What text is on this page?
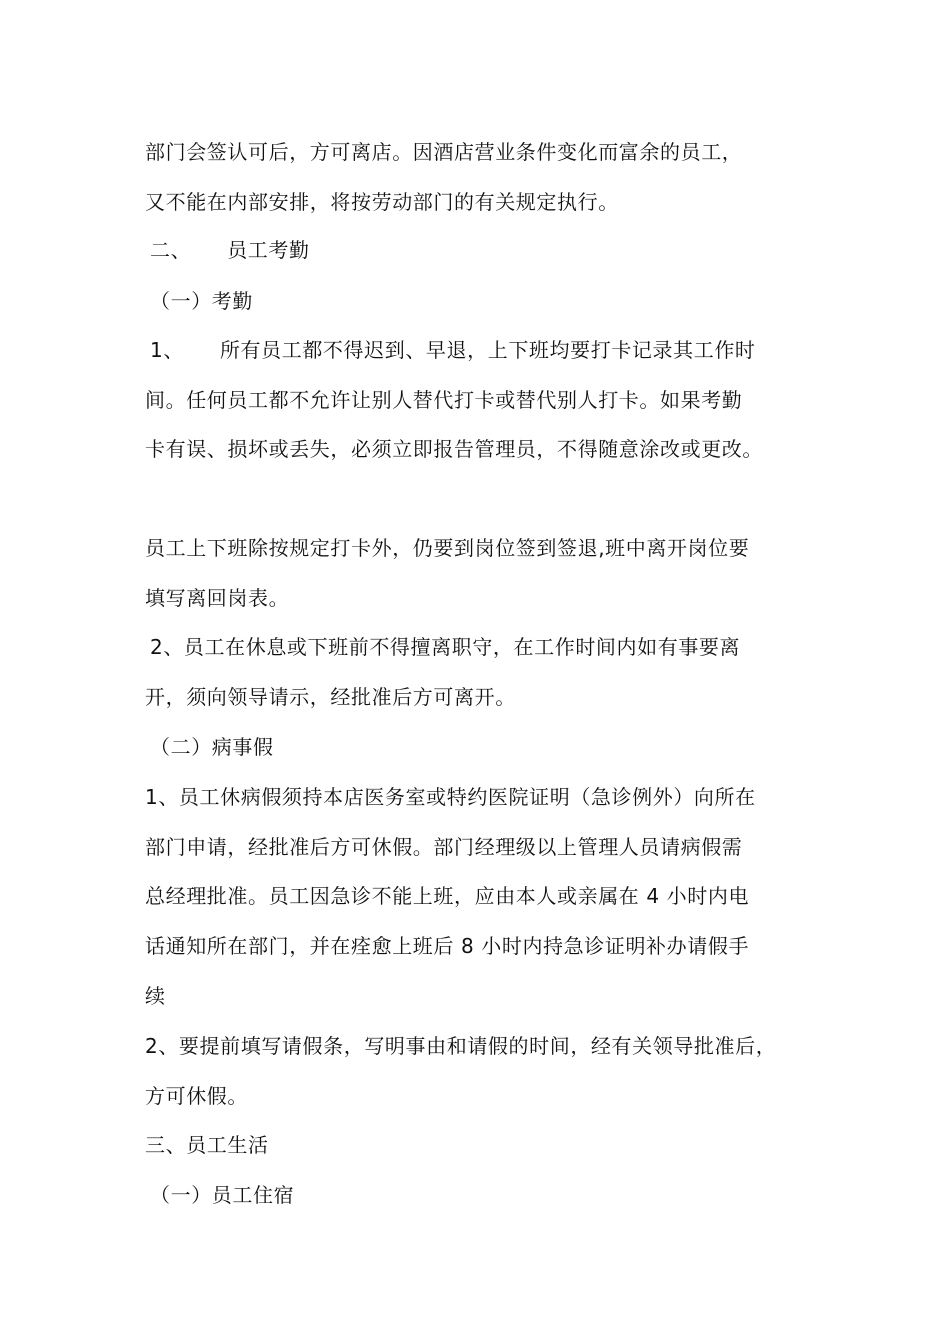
部门会签认可后，方可离店。因酒店营业条件变化而富余的员工，
又不能在内部安排，将按劳动部门的有关规定执行。
二、 员工考勤
（一）考勤
1、 所有员工都不得迟到、早退，上下班均要打卡记录其工作时
间。任何员工都不允许让别人替代打卡或替代别人打卡。如果考勤
卡有误、损坏或丢失，必须立即报告管理员，不得随意涂改或更改。
员工上下班除按规定打卡外，仍要到岗位签到签退,班中离开岗位要
填写离回岗表。
2、员工在休息或下班前不得擅离职守，在工作时间内如有事要离
开，须向领导请示，经批准后方可离开。
（二）病事假
1、员工休病假须持本店医务室或特约医院证明（急诊例外）向所在
部门申请，经批准后方可休假。部门经理级以上管理人员请病假需
总经理批准。员工因急诊不能上班，应由本人或亲属在 4 小时内电
话通知所在部门，并在痊愈上班后 8 小时内持急诊证明补办请假手
续
2、要提前填写请假条，写明事由和请假的时间，经有关领导批准后，
方可休假。
三、员工生活
（一）员工住宿
